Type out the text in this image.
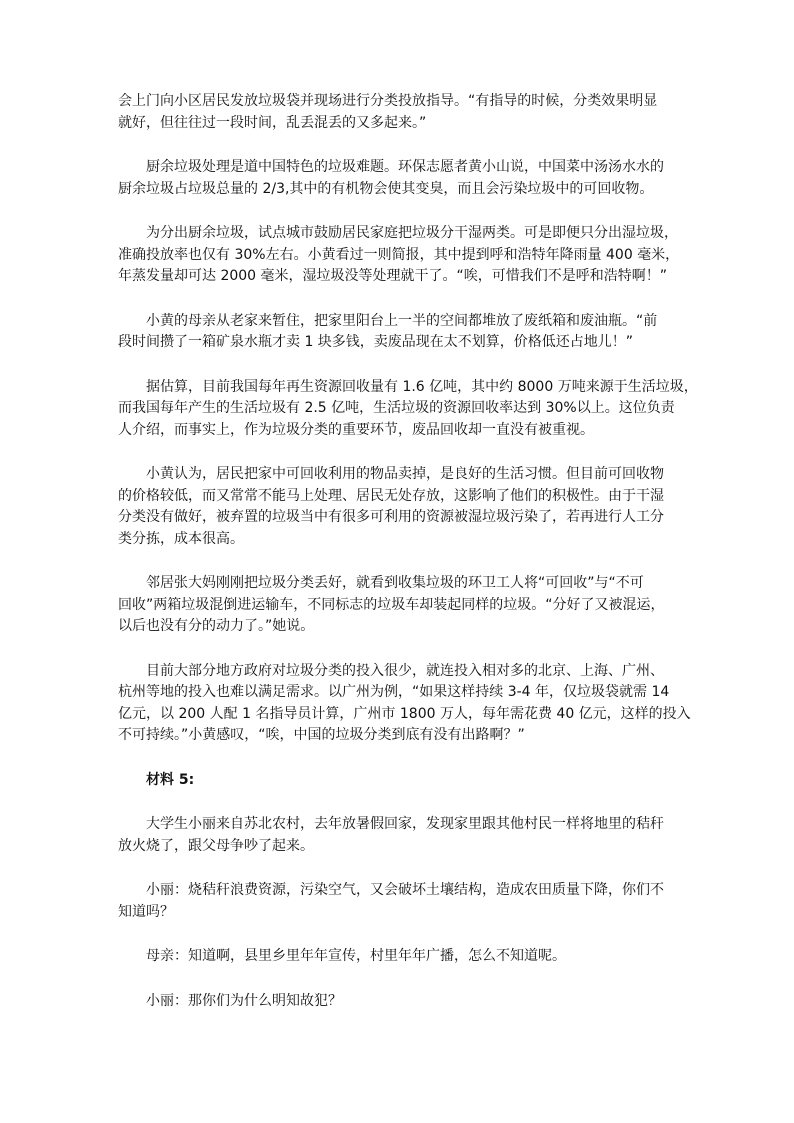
会上门向小区居民发放垃圾袋并现场进行分类投放指导。“有指导的时候，分类效果明显
就好，但往往过一段时间，乱丢混丢的又多起来。”
厨余垃圾处理是道中国特色的垃圾难题。环保志愿者黄小山说，中国菜中汤汤水水的
厨余垃圾占垃圾总量的 2/3,其中的有机物会使其变臭，而且会污染垃圾中的可回收物。
为分出厨余垃圾，试点城市鼓励居民家庭把垃圾分干湿两类。可是即便只分出湿垃圾，
准确投放率也仅有 30%左右。小黄看过一则简报，其中提到呼和浩特年降雨量 400 毫米，
年蒸发量却可达 2000 毫米，湿垃圾没等处理就干了。“唉，可惜我们不是呼和浩特啊！”
小黄的母亲从老家来暂住，把家里阳台上一半的空间都堆放了废纸箱和废油瓶。“前
段时间攒了一箱矿泉水瓶才卖 1 块多钱，卖废品现在太不划算，价格低还占地儿！”
据估算，目前我国每年再生资源回收量有 1.6 亿吨，其中约 8000 万吨来源于生活垃圾，
而我国每年产生的生活垃圾有 2.5 亿吨，生活垃圾的资源回收率达到 30%以上。这位负责
人介绍，而事实上，作为垃圾分类的重要环节，废品回收却一直没有被重视。
小黄认为，居民把家中可回收利用的物品卖掉，是良好的生活习惯。但目前可回收物
的价格较低，而又常常不能马上处理、居民无处存放，这影响了他们的积极性。由于干湿
分类没有做好，被弃置的垃圾当中有很多可利用的资源被湿垃圾污染了，若再进行人工分
类分拣，成本很高。
邻居张大妈刚刚把垃圾分类丢好，就看到收集垃圾的环卫工人将“可回收”与“不可
回收”两箱垃圾混倒进运输车，不同标志的垃圾车却装起同样的垃圾。“分好了又被混运，
以后也没有分的动力了。”她说。
目前大部分地方政府对垃圾分类的投入很少，就连投入相对多的北京、上海、广州、
杭州等地的投入也难以满足需求。以广州为例，“如果这样持续 3-4 年，仅垃圾袋就需 14
亿元，以 200 人配 1 名指导员计算，广州市 1800 万人，每年需花费 40 亿元，这样的投入
不可持续。”小黄感叹，“唉，中国的垃圾分类到底有没有出路啊？”
材料 5:
大学生小丽来自苏北农村，去年放暑假回家，发现家里跟其他村民一样将地里的秸秆
放火烧了，跟父母争吵了起来。
小丽：烧秸秆浪费资源，污染空气，又会破坏土壤结构，造成农田质量下降，你们不
知道吗？
母亲：知道啊，县里乡里年年宣传，村里年年广播，怎么不知道呢。
小丽：那你们为什么明知故犯？
